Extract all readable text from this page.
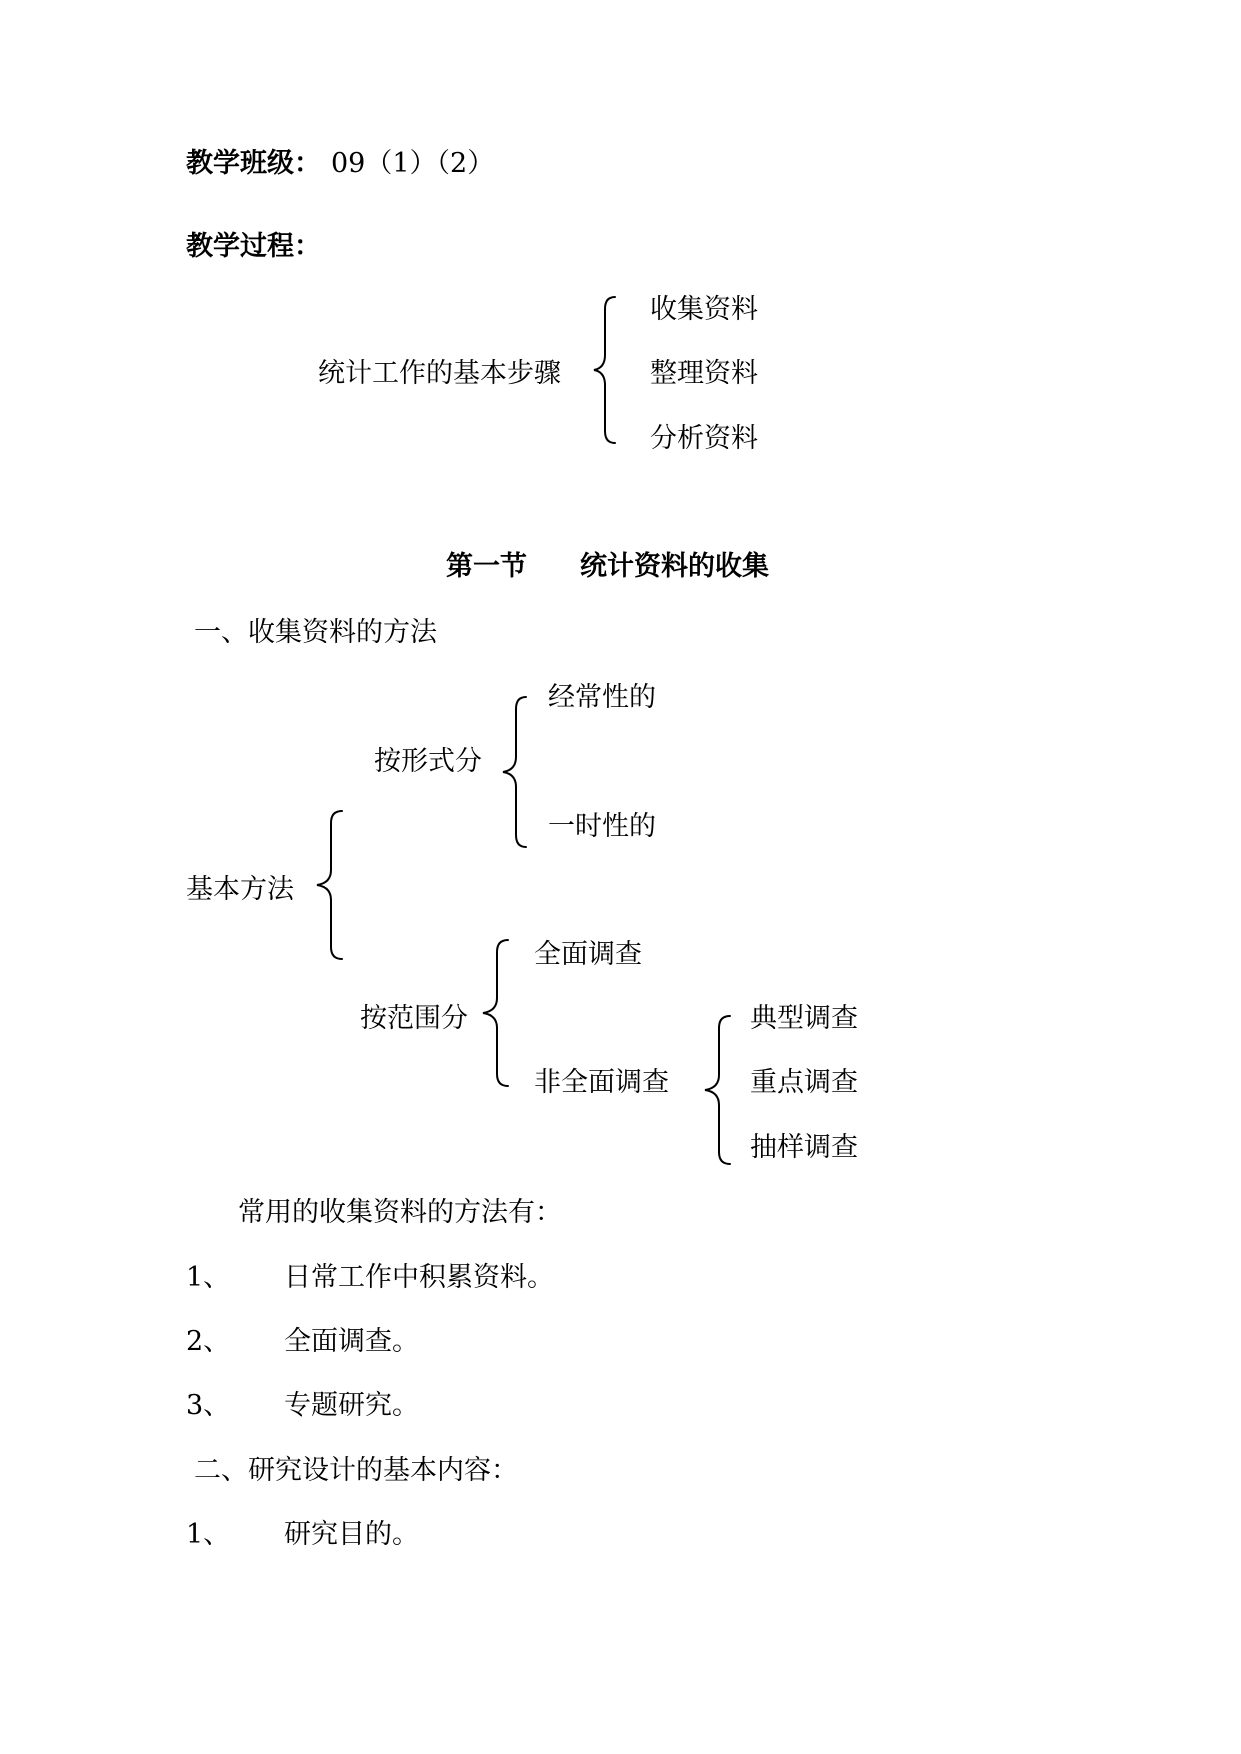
教学班级： 09（1）（2）
教学过程：
统计工作的基本步骤
收集资料
整理资料
分析资料
第一节 统计资料的收集
一、收集资料的方法
经常性的
按形式分
一时性的
基本方法
全面调查
按范围分
非全面调查
典型调查
重点调查
抽样调查
常用的收集资料的方法有：
1、 日常工作中积累资料。
2、 全面调查。
3、 专题研究。
二、研究设计的基本内容：
1、 研究目的。
